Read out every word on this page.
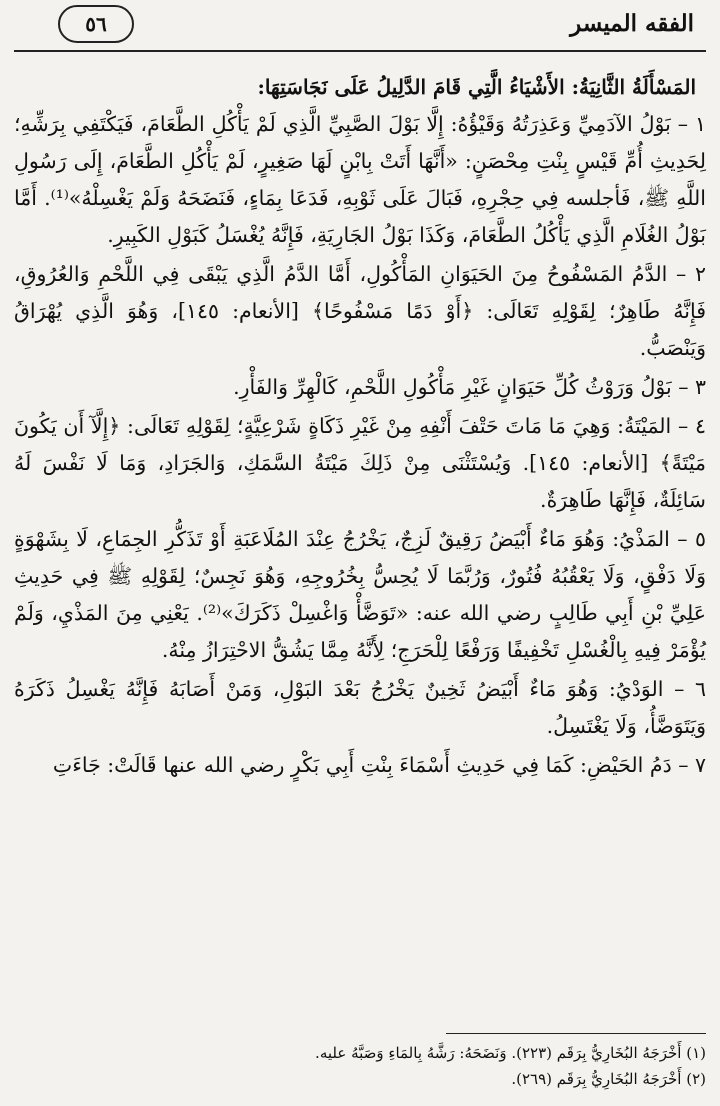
الفقه الميسر
٥٦
المَسْأَلَةُ الثَّانِيَةُ: الأَشْيَاءُ الَّتِي قَامَ الدَّلِيلُ عَلَى نَجَاسَتِهَا:

١ – بَوْلُ الآدَمِيِّ وَعَذِرَتُهُ وَقَيْؤُهُ: إِلَّا بَوْلَ الصَّبِيِّ الَّذِي لَمْ يَأْكُلِ الطَّعَامَ، فَيَكْتَفِي بِرَشِّهِ؛ لِحَدِيثِ أُمِّ قَيْسٍ بِنْتِ مِحْصَنٍ: «أَنَّهَا أَتَتْ بِابْنٍ لَهَا صَغِيرٍ، لَمْ يَأْكُلِ الطَّعَامَ، إِلَى رَسُولِ اللَّهِ ﷺ، فَأجلسه فِي حِجْرِهِ، فَبَالَ عَلَى ثَوْبِهِ، فَدَعَا بِمَاءٍ، فَنَضَحَهُ وَلَمْ يَغْسِلْهُ»⁽¹⁾. أَمَّا بَوْلُ الغُلَامِ الَّذِي يَأْكُلُ الطَّعَامَ، وَكَذَا بَوْلُ الجَارِيَةِ، فَإِنَّهُ يُغْسَلُ كَبَوْلِ الكَبِيرِ.

٢ – الدَّمُ المَسْفُوحُ مِنَ الحَيَوَانِ المَأْكُولِ، أَمَّا الدَّمُ الَّذِي يَبْقَى فِي اللَّحْمِ وَالعُرُوقِ، فَإِنَّهُ طَاهِرٌ؛ لِقَوْلِهِ تَعَالَى: ﴿أَوْ دَمًا مَسْفُوحًا﴾ [الأنعام: ١٤٥]، وَهُوَ الَّذِي يُهْرَاقُ وَيَنْصَبُّ.

٣ – بَوْلُ وَرَوْثُ كُلِّ حَيَوَانٍ غَيْرِ مَأْكُولِ اللَّحْمِ، كَالْهِرِّ وَالفَأْرِ.

٤ – المَيْتَةُ: وَهِيَ مَا مَاتَ حَتْفَ أَنْفِهِ مِنْ غَيْرِ ذَكَاةٍ شَرْعِيَّةٍ؛ لِقَوْلِهِ تَعَالَى: ﴿إِلَّآ أَن يَكُونَ مَيْتَةً﴾ [الأنعام: ١٤٥]. وَيُسْتَثْنَى مِنْ ذَلِكَ مَيْتَةُ السَّمَكِ، وَالجَرَادِ، وَمَا لَا نَفْسَ لَهُ سَائِلَةٌ، فَإِنَّهَا طَاهِرَةٌ.

٥ – المَذْيُ: وَهُوَ مَاءٌ أَبْيَضُ رَقِيقٌ لَزِجٌ، يَخْرُجُ عِنْدَ المُلَاعَبَةِ أَوْ تَذَكُّرِ الجِمَاعِ، لَا بِشَهْوَةٍ وَلَا دَفْقٍ، وَلَا يَعْقُبُهُ فُتُورٌ، وَرُبَّمَا لَا يُحِسُّ بِخُرُوجِهِ، وَهُوَ نَجِسٌ؛ لِقَوْلِهِ ﷺ فِي حَدِيثِ عَلِيِّ بْنِ أَبِي طَالِبٍ رضي الله عنه: «تَوَضَّأْ وَاغْسِلْ ذَكَرَكَ»⁽²⁾. يَعْنِي مِنَ المَذْيِ، وَلَمْ يُؤْمَرْ فِيهِ بِالْغُسْلِ تَخْفِيفًا وَرَفْعًا لِلْحَرَجِ؛ لِأَنَّهُ مِمَّا يَشُقُّ الاحْتِرَازُ مِنْهُ.

٦ – الوَدْيُ: وَهُوَ مَاءٌ أَبْيَضُ ثَخِينٌ يَخْرُجُ بَعْدَ البَوْلِ، وَمَنْ أَصَابَهُ فَإِنَّهُ يَغْسِلُ ذَكَرَهُ وَيَتَوَضَّأُ، وَلَا يَغْتَسِلُ.

٧ – دَمُ الحَيْضِ: كَمَا فِي حَدِيثِ أَسْمَاءَ بِنْتِ أَبِي بَكْرٍ رضي الله عنها قَالَتْ: جَاءَتِ

(١) أَخْرَجَهُ البُخَارِيُّ بِرَقَم (٢٢٣). وَنَضَحَهُ: رَشَّهُ بِالمَاءِ وَصَبَّهُ عليه.
(٢) أَخْرَجَهُ البُخَارِيُّ بِرَقَم (٢٦٩).
